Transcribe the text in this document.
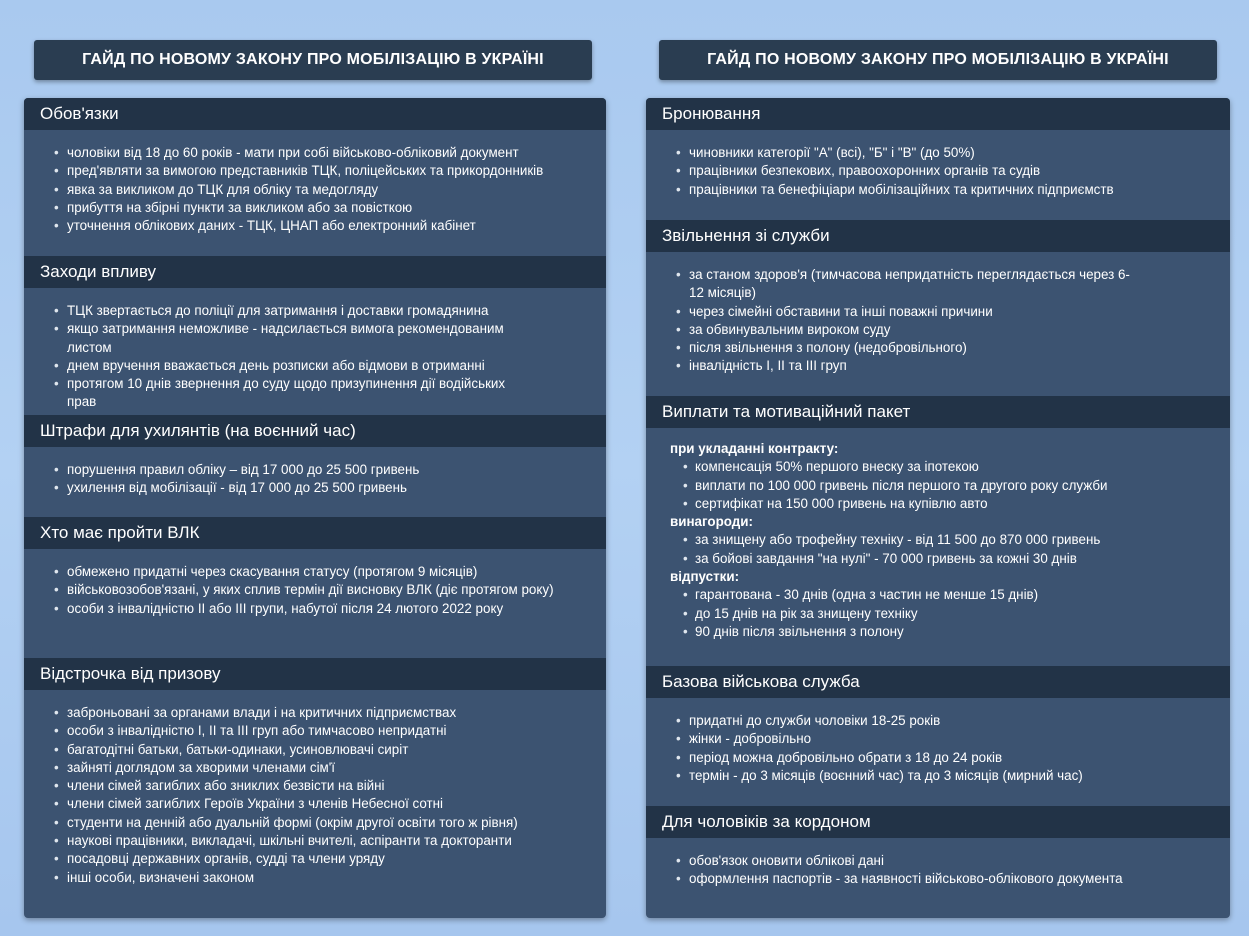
ГАЙД ПО НОВОМУ ЗАКОНУ ПРО МОБІЛІЗАЦІЮ В УКРАЇНІ
Обов'язки
• чоловіки від 18 до 60 років - мати при собі військово-обліковий документ
• пред'являти за вимогою представників ТЦК, поліцейських та прикордонників
• явка за викликом до ТЦК для обліку та медогляду
• прибуття на збірні пункти за викликом або за повісткою
• уточнення облікових даних - ТЦК, ЦНАП або електронний кабінет
Заходи впливу
• ТЦК звертається до поліції для затримання і доставки громадянина
• якщо затримання неможливе - надсилається вимога рекомендованим листом
• днем вручення вважається день розписки або відмови в отриманні
• протягом 10 днів звернення до суду щодо призупинення дії водійських прав
Штрафи для ухилянтів (на воєнний час)
• порушення правил обліку – від 17 000 до 25 500 гривень
• ухилення від мобілізації - від 17 000 до 25 500 гривень
Хто має пройти ВЛК
• обмежено придатні через скасування статусу (протягом 9 місяців)
• військовозобов'язані, у яких сплив термін дії висновку ВЛК (діє протягом року)
• особи з інвалідністю II або III групи, набутої після 24 лютого 2022 року
Відстрочка від призову
• заброньовані за органами влади і на критичних підприємствах
• особи з інвалідністю I, II та III груп або тимчасово непридатні
• багатодітні батьки, батьки-одинаки, усиновлювачі сиріт
• зайняті доглядом за хворими членами сім'ї
• члени сімей загиблих або зниклих безвісти на війні
• члени сімей загиблих Героїв України з членів Небесної сотні
• студенти на денній або дуальній формі (окрім другої освіти того ж рівня)
• наукові працівники, викладачі, шкільні вчителі, аспіранти та докторанти
• посадовці державних органів, судді та члени уряду
• інші особи, визначені законом
ГАЙД ПО НОВОМУ ЗАКОНУ ПРО МОБІЛІЗАЦІЮ В УКРАЇНІ
Бронювання
• чиновники категорії "А" (всі), "Б" і "В" (до 50%)
• працівники безпекових, правоохоронних органів та судів
• працівники та бенефіціари мобілізаційних та критичних підприємств
Звільнення зі служби
• за станом здоров'я (тимчасова непридатність переглядається через 6-12 місяців)
• через сімейні обставини та інші поважні причини
• за обвинувальним вироком суду
• після звільнення з полону (недобровільного)
• інвалідність I, II та III груп
Виплати та мотиваційний пакет
при укладанні контракту:
• компенсація 50% першого внеску за іпотекою
• виплати по 100 000 гривень після першого та другого року служби
• сертифікат на 150 000 гривень на купівлю авто
винагороди:
• за знищену або трофейну техніку - від 11 500 до 870 000 гривень
• за бойові завдання "на нулі" - 70 000 гривень за кожні 30 днів
відпустки:
• гарантована - 30 днів (одна з частин не менше 15 днів)
• до 15 днів на рік за знищену техніку
• 90 днів після звільнення з полону
Базова військова служба
• придатні до служби чоловіки 18-25 років
• жінки - добровільно
• період можна добровільно обрати з 18 до 24 років
• термін - до 3 місяців (воєнний час) та до 3 місяців (мирний час)
Для чоловіків за кордоном
• обов'язок оновити облікові дані
• оформлення паспортів - за наявності військово-облікового документа
